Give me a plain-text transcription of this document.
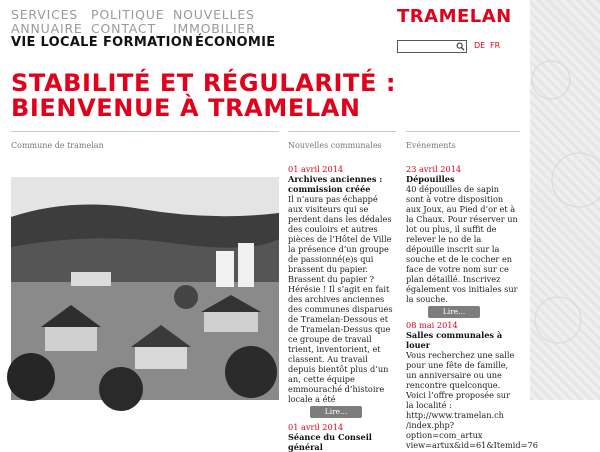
SERVICES	POLITIQUE NOUVELLES
ANNUAIRE CONTACT	IMMOBILIER
VIE LOCALE FORMATION ÉCONOMIE
TRAMELAN
DE FR
STABILITÉ ET RÉGULARITÉ : BIENVENUE À TRAMELAN
Commune de tramelan	Nouvelles communales	Evénements
01 avril 2014
Archives anciennes : commission créée
Il n’aura pas échappé aux visiteurs qui se perdent dans les dédales des couloirs et autres pièces de l’Hôtel de Ville la présence d’un groupe de passionné(e)s qui brassent du papier. Brassent du papier ? Hérésie ! Il s’agit en fait des archives anciennes des communes disparues de Tramelan-Dessous et de Tramelan-Dessus que ce groupe de travail trient, inventorient, et classent. Au travail depuis bientôt plus d’un an, cette équipe emmouraché d’histoire locale a été
Lire...
01 avril 2014
Séance du Conseil général
23 avril 2014
Dépouilles
40 dépouilles de sapin sont à votre disposition aux Joux, au Pied d’or et à la Chaux. Pour réserver un lot ou plus, il suffit de relever le no de la dépouille inscrit sur la souche et de le cocher en face de votre nom sur ce plan détaillé. Inscrivez également vos initiales sur la souche.
Lire...
08 mai 2014
Salles communales à louer
Vous recherchez une salle pour une fête de famille, un anniversaire ou une rencontre quelconque. Voici l’offre proposée sur la localité : http://www.tramelan.ch /index.php?option=com_artux view=artux&id=61&Itemid=76
